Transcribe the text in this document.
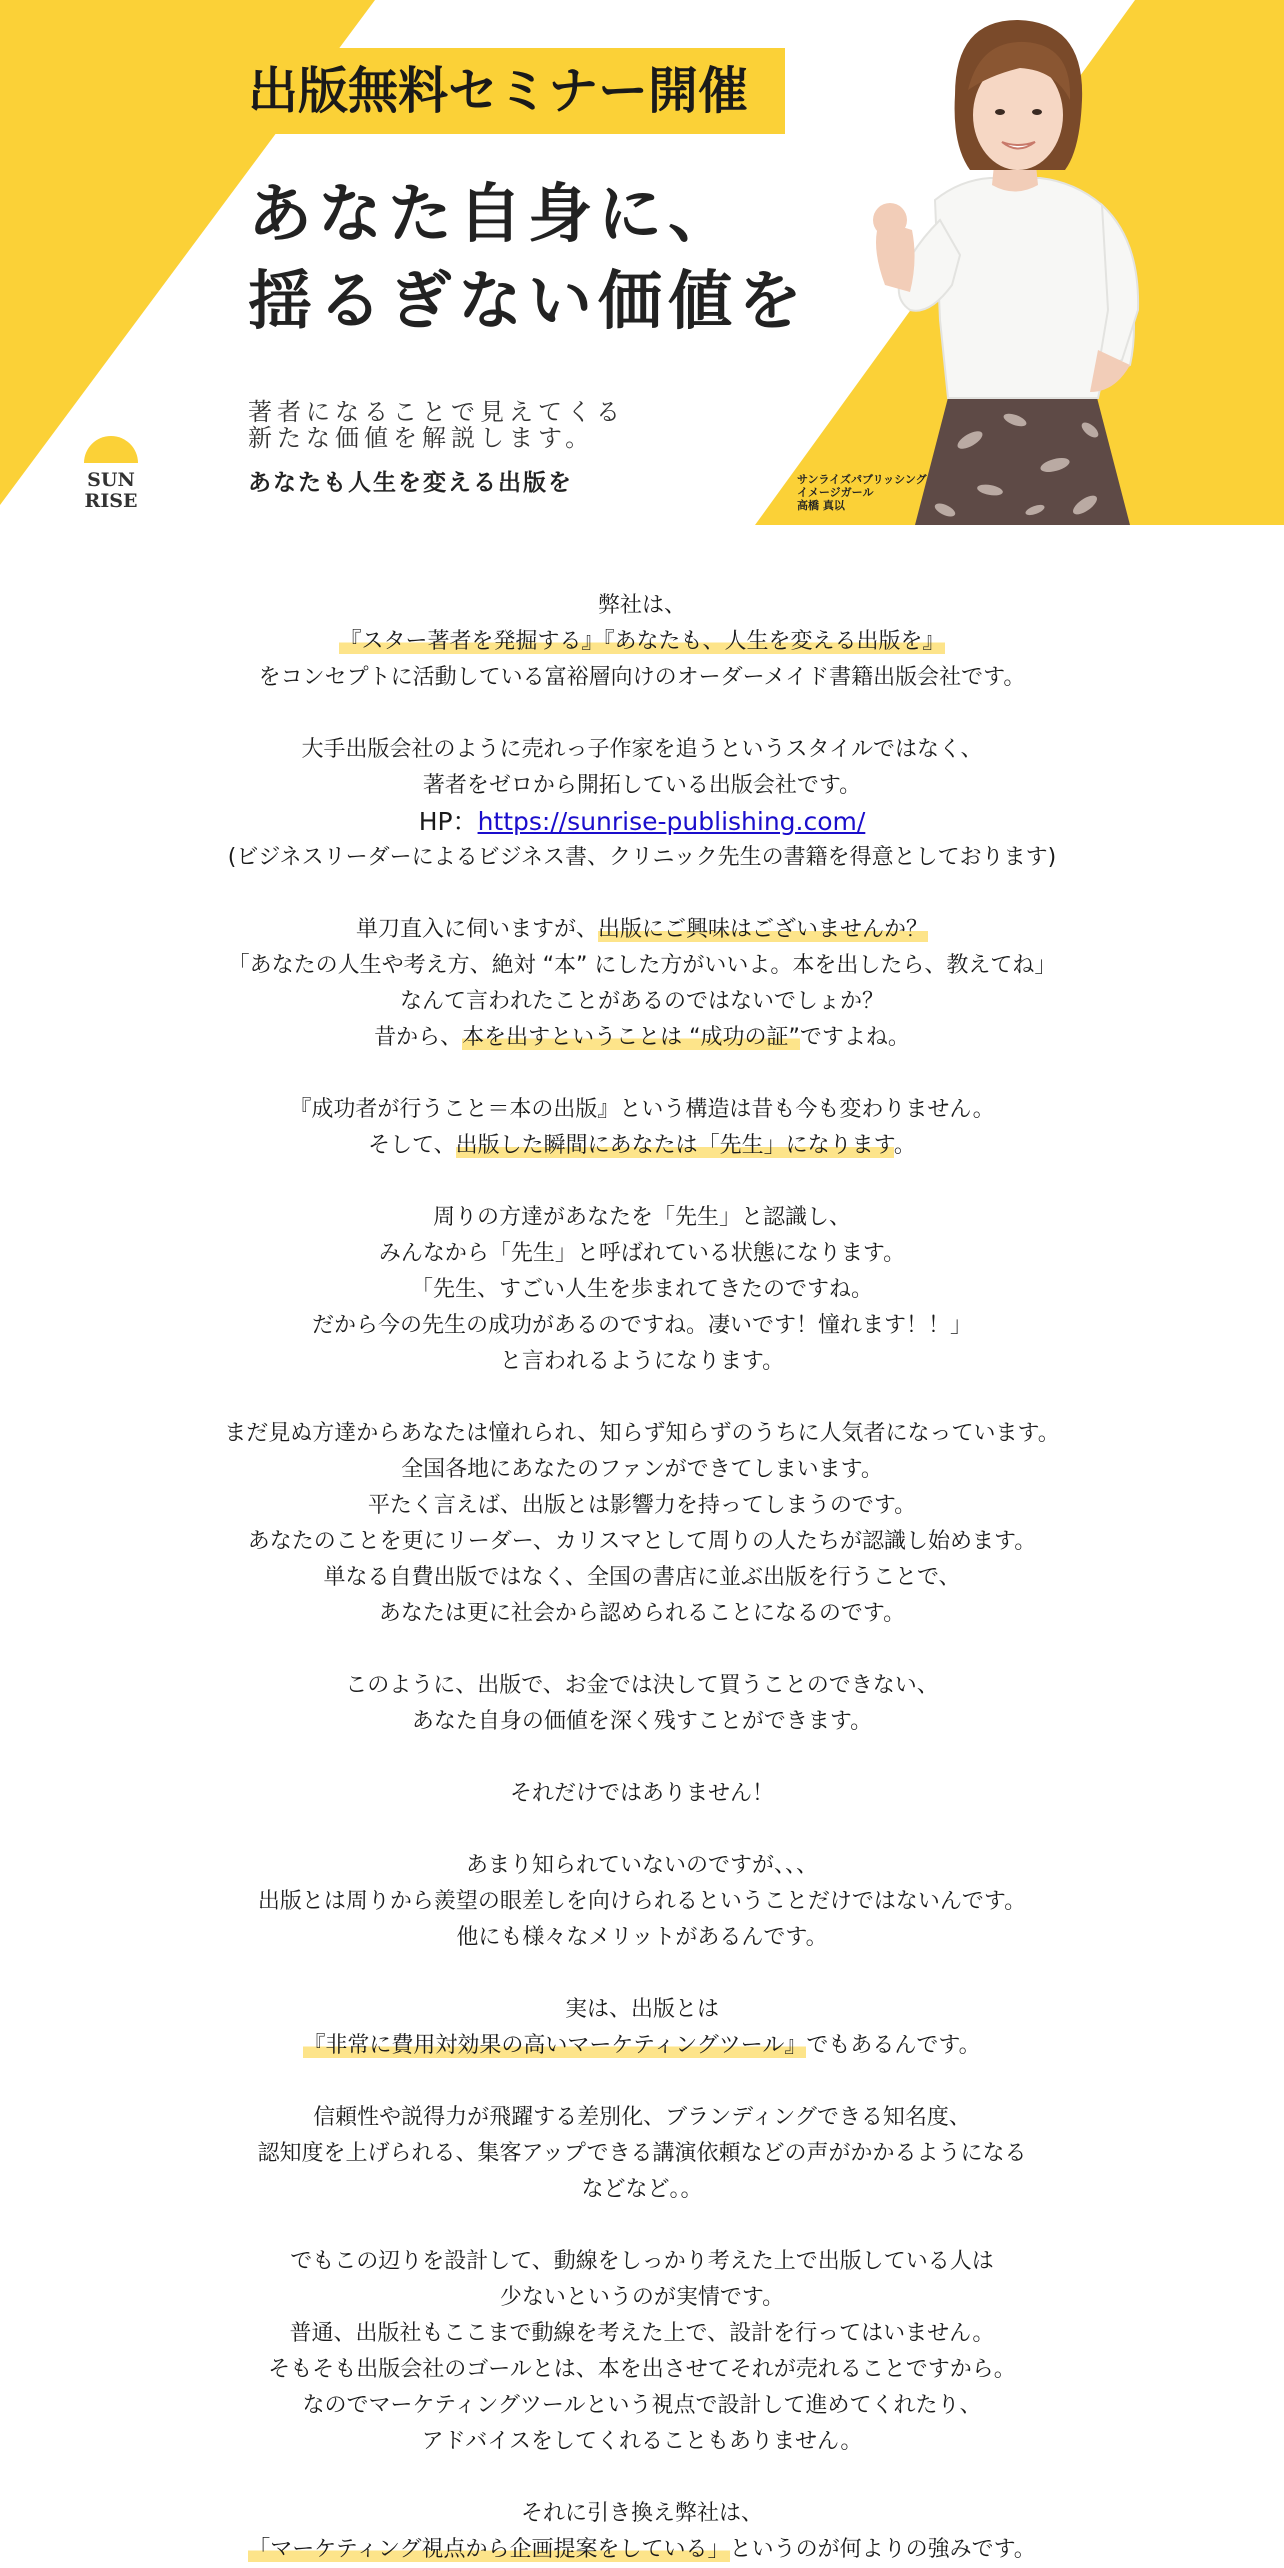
出版無料セミナー開催
あなた自身に、
揺るぎない価値を
著者になることで見えてくる
新たな価値を解説します。
あなたも人生を変える出版を
SUN
RISE
サンライズパブリッシング
イメージガール
高橋 真以
弊社は、
『スター著者を発掘する』『あなたも、人生を変える出版を』
をコンセプトに活動している富裕層向けのオーダーメイド書籍出版会社です。
大手出版会社のように売れっ子作家を追うというスタイルではなく、
著者をゼロから開拓している出版会社です。
HP：https://sunrise-publishing.com/
(ビジネスリーダーによるビジネス書、クリニック先生の書籍を得意としております)
単刀直入に伺いますが、出版にご興味はございませんか？
「あなたの人生や考え方、絶対 “本” にした方がいいよ。本を出したら、教えてね」
なんて言われたことがあるのではないでしょか？
昔から、本を出すということは “成功の証”ですよね。
『成功者が行うこと＝本の出版』という構造は昔も今も変わりません。
そして、出版した瞬間にあなたは「先生」になります。
周りの方達があなたを「先生」と認識し、
みんなから「先生」と呼ばれている状態になります。
「先生、すごい人生を歩まれてきたのですね。
だから今の先生の成功があるのですね。凄いです！憧れます！！」
と言われるようになります。
まだ見ぬ方達からあなたは憧れられ、知らず知らずのうちに人気者になっています。
全国各地にあなたのファンができてしまいます。
平たく言えば、出版とは影響力を持ってしまうのです。
あなたのことを更にリーダー、カリスマとして周りの人たちが認識し始めます。
単なる自費出版ではなく、全国の書店に並ぶ出版を行うことで、
あなたは更に社会から認められることになるのです。
このように、出版で、お金では決して買うことのできない、
あなた自身の価値を深く残すことができます。
それだけではありません！
あまり知られていないのですが、、、
出版とは周りから羨望の眼差しを向けられるということだけではないんです。
他にも様々なメリットがあるんです。
実は、出版とは
『非常に費用対効果の高いマーケティングツール』でもあるんです。
信頼性や説得力が飛躍する差別化、ブランディングできる知名度、
認知度を上げられる、集客アップできる講演依頼などの声がかかるようになる
などなど。。
でもこの辺りを設計して、動線をしっかり考えた上で出版している人は
少ないというのが実情です。
普通、出版社もここまで動線を考えた上で、設計を行ってはいません。
そもそも出版会社のゴールとは、本を出させてそれが売れることですから。
なのでマーケティングツールという視点で設計して進めてくれたり、
アドバイスをしてくれることもありません。
それに引き換え弊社は、
「マーケティング視点から企画提案をしている」というのが何よりの強みです。
